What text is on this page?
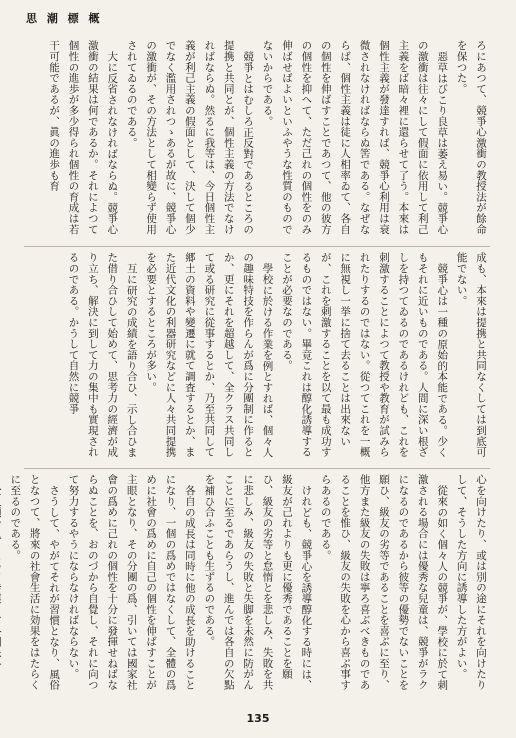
思 潮 標 概

ろにあつて、競爭心激衝の教授法が餘命を保つた。

惡草はびこり良草は萎え易い。競爭心の激衝は往々にして假面に依用して利己主義をば暗々裡に還らせて了う。本來は個性主義が發達すれば、競爭心利用は衰微されなければならぬ筈である。なぜならば、個性主義は徒に人相率ゐて、各自の個性を伸ばすことであつて、他の彼方の個性を抑へて、ただ己れの個性をのみ伸ばせばよいといふやうな性質のものでないからである。

競爭とはむしろ正反對であるところの提携と共同とが、個性主義の方法でなければならぬ。然るに我等は、今日個性主義が利己主義の假面として、決して個少でなく濫用されつゝあるが故に、競爭心の激衝が、その方法として相變らず使用されてゐるのである。

大に反省されなければならぬ。競爭心激衝の結果は何であるか。それによつて個性の進歩が多少得られ個性の育成は若干可能であるが、眞の進歩も育

成も、本來は提携と共同なくしては到底可能でない。

競爭心は一種の原始的本能である。少くもそれに近いものである。人間に深い根ざしを持つてゐるのであるけれども、これを刺激することによつて教授や教育が試みられたりするのではない。從つてこれを一概に無視し一挙に捨て去ることは出來ないが、これを刺激することを以て最も成功するものではない。畢竟これは醇化誘導することが必要なのである。

學校に於ける作業を例とすれば、個々人の趣味特技を作らんが爲に分團制に作るとか、更にそれを超越して、全クラス共同して或る研究に從事するとか、乃至共同して郷土の資料や變遷に就て調査するとか、また近代文化の利器研究などに人々共同提携を必要とするところが多い。

互に研究の成績を語り合ひ、示し合ひまた借り合ひして始めて、思考力の經濟が成り立ち、解決に到して力の集中も實現されるのである。かうして自然に競爭

心を向けたり、或は別の途にそれを向けたりして、そうした方向に誘導した方がよい。

從來の如く個々人の競爭が、學校に於て刺激される場合には優秀な兒童は、競爭がラクになるのであるから彼等の優勢でないことを願ひ、級友の劣等であることを喜ぶに至り、他方また級友の失敗は寧ろ喜ぶべきものであることを惟ひ、級友の失敗を心から喜ぶ事すらあるのである。

けれども、競爭心を誘導醇化する時には、級友が己れよりも更に優秀であることを願ひ、級友の劣等と怠惰とを悲しみ、失敗を共に悲しみ、級友の失敗と失脚を未然に防がんことに至るであらうし、進んでは各自の欠點を補ひ合ふことも生ずるのである。

各自の成長は同時に他の成長を助けることになり、一個の爲めではなくして、全體の爲めに社會の爲めに自己の個性を伸ばすことが主眼となり、その分團の爲、引いては國家社會の爲めに己れの個性を十分に發揮せねばならぬことを、おのづから自覺し、それに向つて努力するやうにならなければならない。

さうして、やがてそれが習慣となり、風俗となつて、將來の社會生活に効果をはたらくに至るのである。

135
